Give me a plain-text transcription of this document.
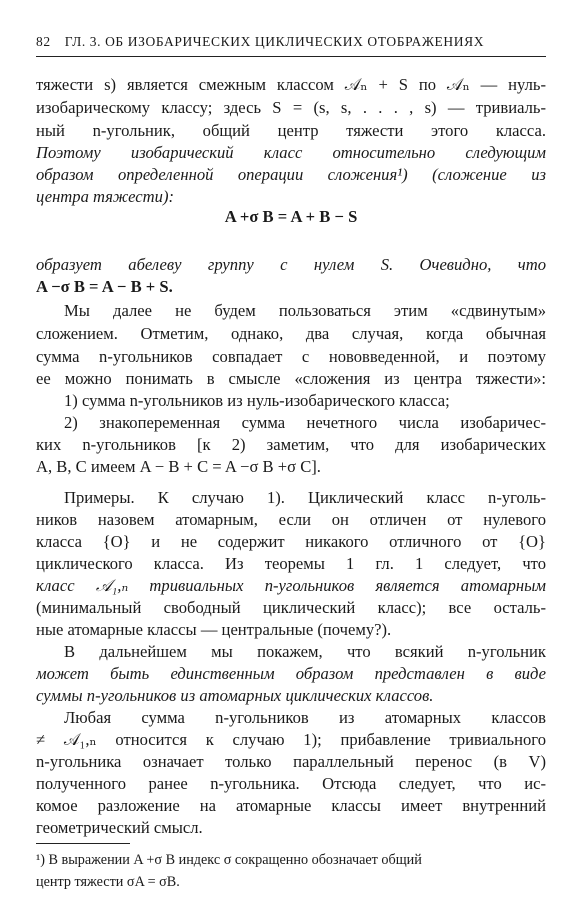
82 ГЛ. 3. ОБ ИЗОБАРИЧЕСКИХ ЦИКЛИЧЕСКИХ ОТОБРАЖЕНИЯХ
тяжести s) является смежным классом 𝒜ₙ + S по 𝒜ₙ — нуль-
изобарическому классу; здесь S = (s, s, . . . , s) — тривиаль-
ный n-угольник, общий центр тяжести этого класса.
Поэтому изобарический класс относительно следующим
образом определенной операции сложения¹) (сложение из
центра тяжести):
A +σ B = A + B − S
образует абелеву группу с нулем S. Очевидно, что
A −σ B = A − B + S.
Мы далее не будем пользоваться этим «сдвинутым»
сложением. Отметим, однако, два случая, когда обычная
сумма n-угольников совпадает с нововведенной, и поэтому
ее можно понимать в смысле «сложения из центра тяжести»:
1) сумма n-угольников из нуль-изобарического класса;
2) знакопеременная сумма нечетного числа изобаричес-
ких n-угольников [к 2) заметим, что для изобарических
A, B, C имеем A − B + C = A −σ B +σ C].
Примеры. К случаю 1). Циклический класс n-уголь-
ников назовем атомарным, если он отличен от нулевого
класса {O} и не содержит никакого отличного от {O}
циклического класса. Из теоремы 1 гл. 1 следует, что
класс 𝒜₁,ₙ тривиальных n-угольников является атомарным
(минимальный свободный циклический класс); все осталь-
ные атомарные классы — центральные (почему?).
В дальнейшем мы покажем, что всякий n-угольник
может быть единственным образом представлен в виде
суммы n-угольников из атомарных циклических классов.
Любая сумма n-угольников из атомарных классов
≠ 𝒜₁,ₙ относится к случаю 1); прибавление тривиального
n-угольника означает только параллельный перенос (в V)
полученного ранее n-угольника. Отсюда следует, что ис-
комое разложение на атомарные классы имеет внутренний
геометрический смысл.
¹) В выражении A +σ B индекс σ сокращенно обозначает общий
центр тяжести σA = σB.
